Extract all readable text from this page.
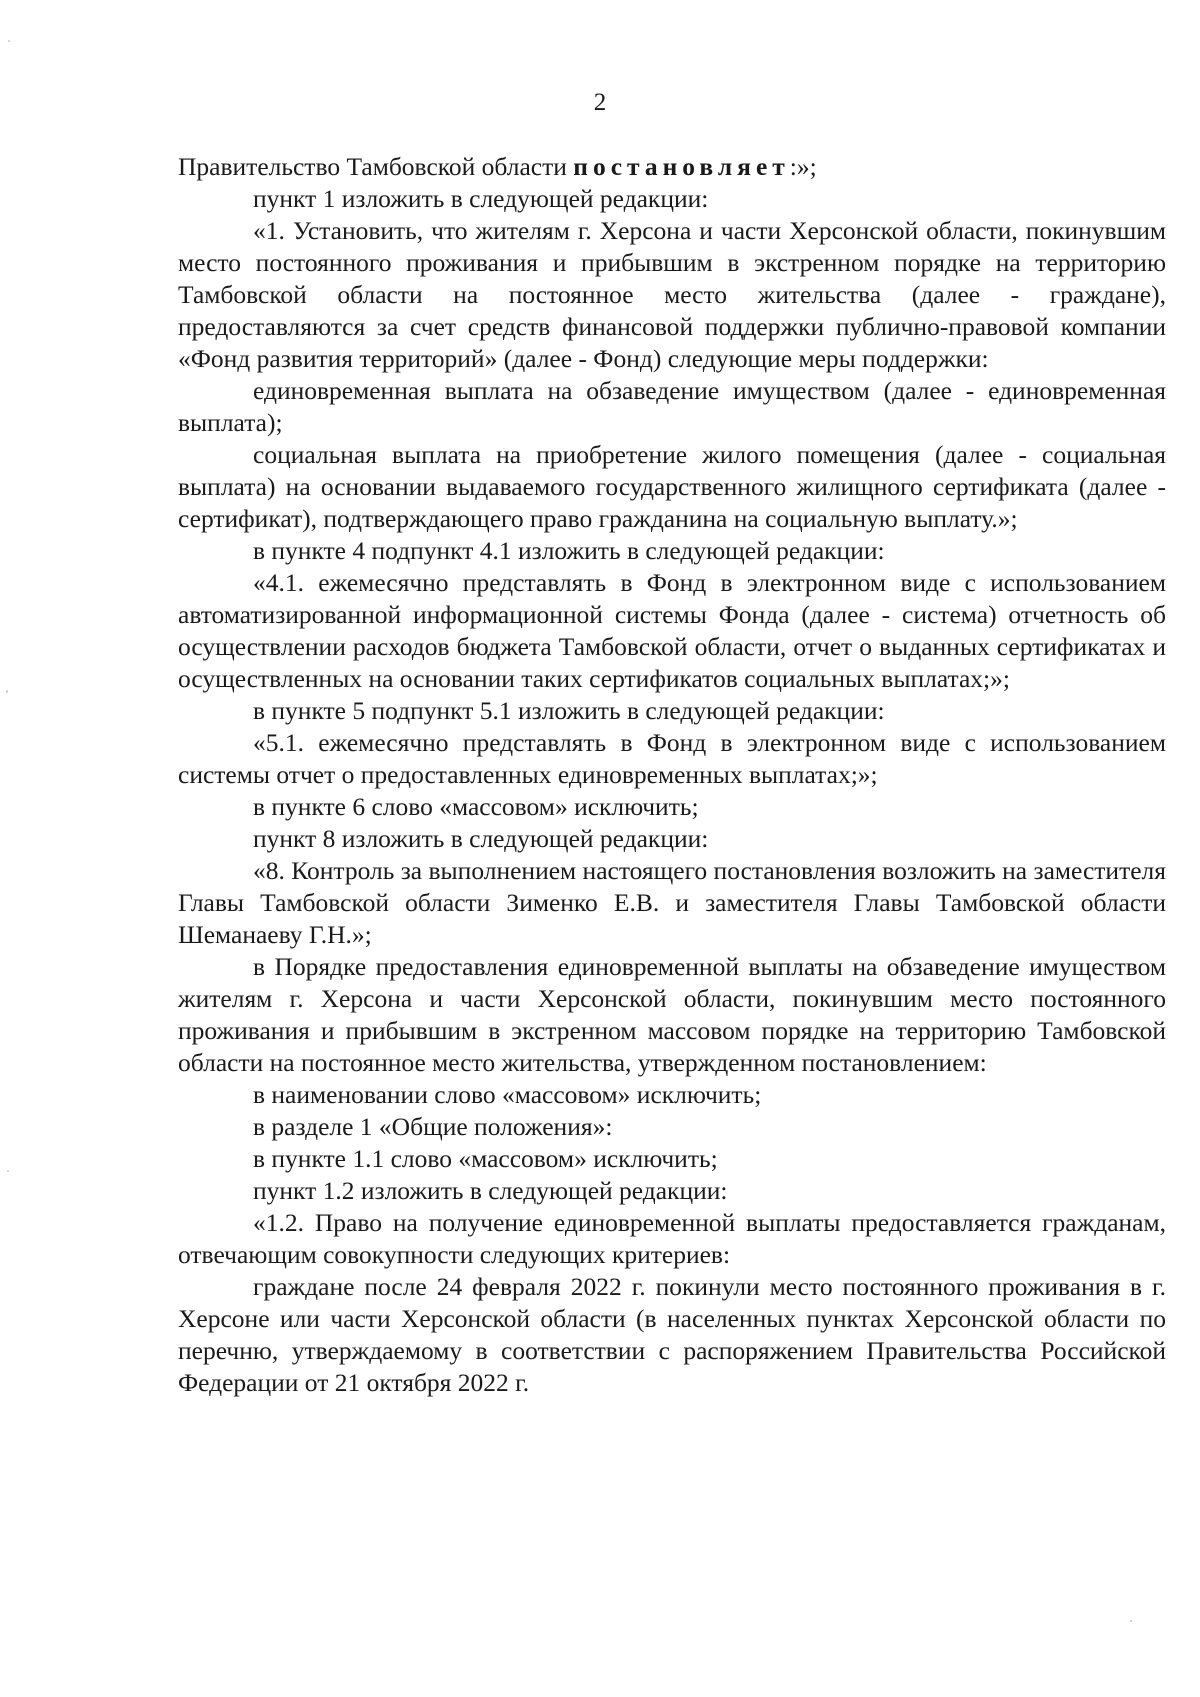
2

Правительство Тамбовской области постановляет:»;

пункт 1 изложить в следующей редакции:

«1. Установить, что жителям г. Херсона и части Херсонской области, покинувшим место постоянного проживания и прибывшим в экстренном порядке на территорию Тамбовской области на постоянное место жительства (далее - граждане), предоставляются за счет средств финансовой поддержки публично-правовой компании «Фонд развития территорий» (далее - Фонд) следующие меры поддержки:

единовременная выплата на обзаведение имуществом (далее - единовременная выплата);

социальная выплата на приобретение жилого помещения (далее - социальная выплата) на основании выдаваемого государственного жилищного сертификата (далее - сертификат), подтверждающего право гражданина на социальную выплату.»;

в пункте 4 подпункт 4.1 изложить в следующей редакции:

«4.1. ежемесячно представлять в Фонд в электронном виде с использованием автоматизированной информационной системы Фонда (далее - система) отчетность об осуществлении расходов бюджета Тамбовской области, отчет о выданных сертификатах и осуществленных на основании таких сертификатов социальных выплатах;»;

в пункте 5 подпункт 5.1 изложить в следующей редакции:

«5.1. ежемесячно представлять в Фонд в электронном виде с использованием системы отчет о предоставленных единовременных выплатах;»;

в пункте 6 слово «массовом» исключить;

пункт 8 изложить в следующей редакции:

«8. Контроль за выполнением настоящего постановления возложить на заместителя Главы Тамбовской области Зименко Е.В. и заместителя Главы Тамбовской области Шеманаеву Г.Н.»;

в Порядке предоставления единовременной выплаты на обзаведение имуществом жителям г. Херсона и части Херсонской области, покинувшим место постоянного проживания и прибывшим в экстренном массовом порядке на территорию Тамбовской области на постоянное место жительства, утвержденном постановлением:

в наименовании слово «массовом» исключить;

в разделе 1 «Общие положения»:

в пункте 1.1 слово «массовом» исключить;

пункт 1.2 изложить в следующей редакции:

«1.2. Право на получение единовременной выплаты предоставляется гражданам, отвечающим совокупности следующих критериев:

граждане после 24 февраля 2022 г. покинули место постоянного проживания в г. Херсоне или части Херсонской области (в населенных пунктах Херсонской области по перечню, утверждаемому в соответствии с распоряжением Правительства Российской Федерации от 21 октября 2022 г.
